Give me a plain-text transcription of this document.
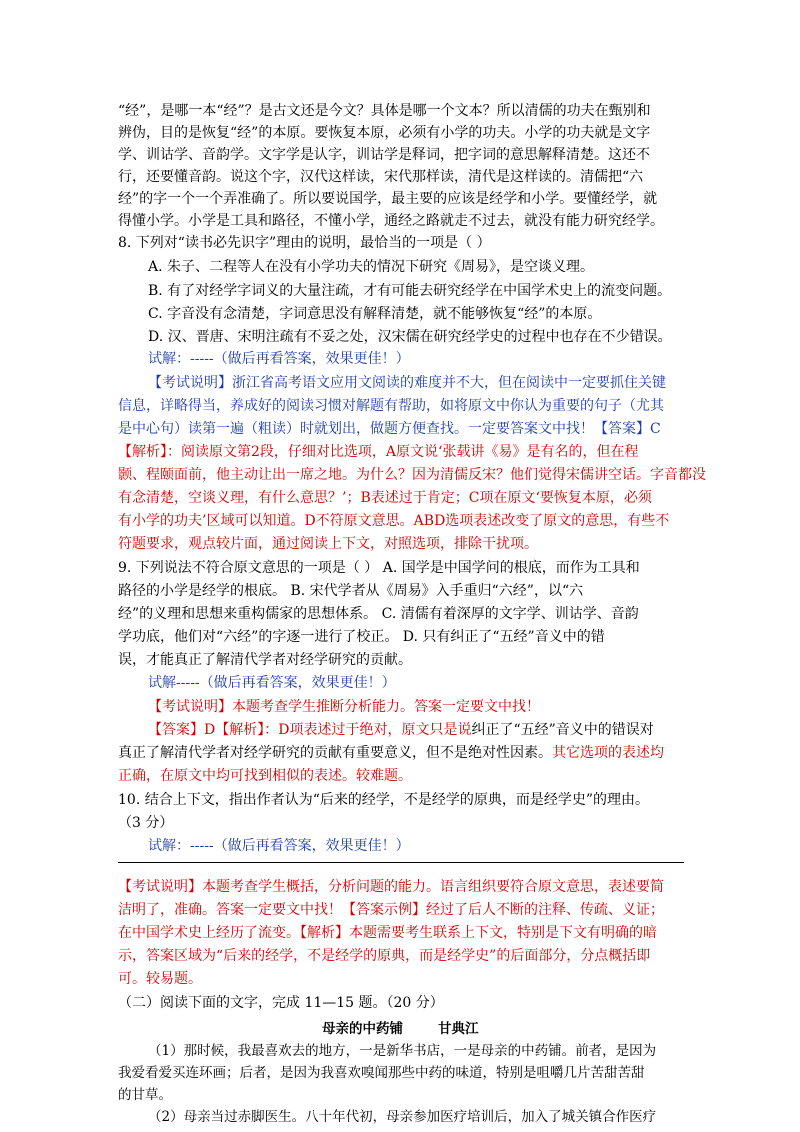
“经”，是哪一本“经”？是古文还是今文？具体是哪一个文本？所以清儒的功夫在甄别和
辨伪，目的是恢复“经”的本原。要恢复本原，必须有小学的功夫。小学的功夫就是文字
学、训诂学、音韵学。文字学是认字，训诂学是释词，把字词的意思解释清楚。这还不
行，还要懂音韵。说这个字，汉代这样读，宋代那样读，清代是这样读的。清儒把“六
经”的字一个一个弄准确了。所以要说国学，最主要的应该是经学和小学。要懂经学，就
得懂小学。小学是工具和路径，不懂小学，通经之路就走不过去，就没有能力研究经学。
8. 下列对“读书必先识字”理由的说明，最恰当的一项是（ ）
A. 朱子、二程等人在没有小学功夫的情况下研究《周易》，是空谈义理。
B. 有了对经学字词义的大量注疏，才有可能去研究经学在中国学术史上的流变问题。
C. 字音没有念清楚，字词意思没有解释清楚，就不能够恢复“经”的本原。
D. 汉、晋唐、宋明注疏有不妥之处，汉宋儒在研究经学史的过程中也存在不少错误。
试解：-----（做后再看答案，效果更佳！）
【考试说明】浙江省高考语文应用文阅读的难度并不大，但在阅读中一定要抓住关键
信息，详略得当，养成好的阅读习惯对解题有帮助，如将原文中你认为重要的句子（尤其
是中心句）读第一遍（粗读）时就划出，做题方便查找。一定要答案文中找！【答案】C
【解析】：阅读原文第2段，仔细对比选项，A原文说‘张载讲《易》是有名的，但在程
颢、程颐面前，他主动让出一席之地。为什么？因为清儒反宋？他们觉得宋儒讲空话。字音都没
有念清楚，空谈义理，有什么意思？’；B表述过于肯定；C项在原文‘要恢复本原，必须
有小学的功夫’区域可以知道。D不符原文意思。ABD选项表述改变了原文的意思，有些不
符题要求，观点较片面，通过阅读上下文，对照选项，排除干扰项。
9. 下列说法不符合原文意思的一项是（ ） A. 国学是中国学问的根底，而作为工具和
路径的小学是经学的根底。 B. 宋代学者从《周易》入手重归“六经”，以“六
经”的义理和思想来重构儒家的思想体系。 C. 清儒有着深厚的文字学、训诂学、音韵
学功底，他们对“六经”的字逐一进行了校正。 D. 只有纠正了“五经”音义中的错
误，才能真正了解清代学者对经学研究的贡献。
试解-----（做后再看答案，效果更佳！）
【考试说明】本题考查学生推断分析能力。答案一定要文中找！
【答案】D【解析】：D项表述过于绝对，原文只是说纠正了“五经”音义中的错误对
真正了解清代学者对经学研究的贡献有重要意义，但不是绝对性因素。其它选项的表述均
正确，在原文中均可找到相似的表述。较难题。
10. 结合上下文，指出作者认为“后来的经学，不是经学的原典，而是经学史”的理由。
（3 分）
试解：-----（做后再看答案，效果更佳！）
【考试说明】本题考查学生概括，分析问题的能力。语言组织要符合原文意思，表述要简
洁明了，准确。答案一定要文中找！【答案示例】经过了后人不断的注释、传疏、义证；
在中国学术史上经历了流变。【解析】本题需要考生联系上下文，特别是下文有明确的暗
示，答案区域为“后来的经学，不是经学的原典，而是经学史”的后面部分，分点概括即
可。较易题。
（二）阅读下面的文字，完成 11—15 题。（20 分）
母亲的中药铺	甘典江
（1）那时候，我最喜欢去的地方，一是新华书店，一是母亲的中药铺。前者，是因为
我爱看爱买连环画；后者，是因为我喜欢嗅闻那些中药的味道，特别是咀嚼几片苦甜苦甜
的甘草。
（2）母亲当过赤脚医生。八十年代初，母亲参加医疗培训后，加入了城关镇合作医疗
